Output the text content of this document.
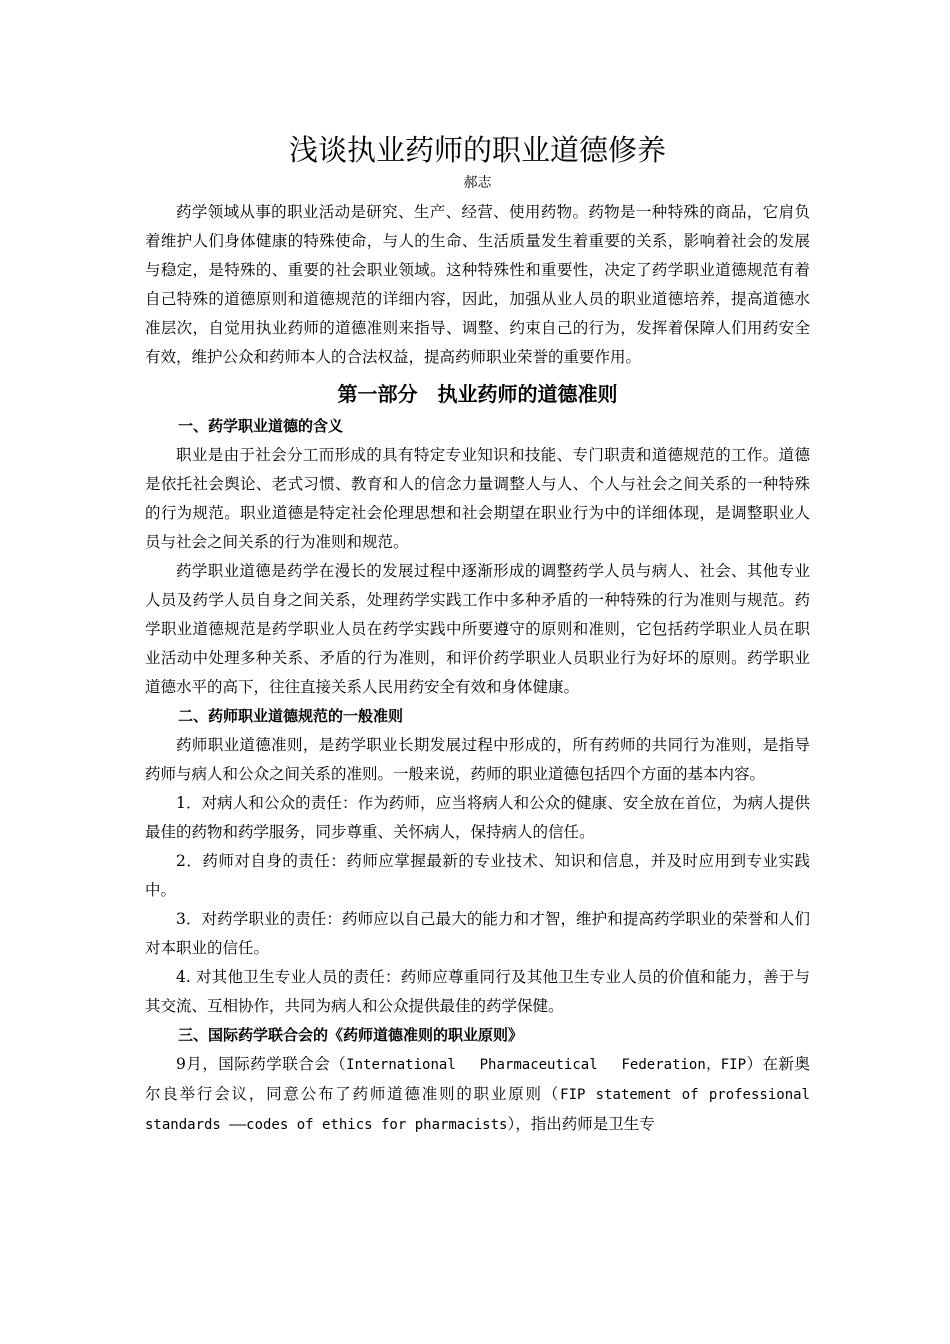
浅谈执业药师的职业道德修养
郝志

药学领域从事的职业活动是研究、生产、经营、使用药物。药物是一种特殊的商品，它肩负着维护人们身体健康的特殊使命，与人的生命、生活质量发生着重要的关系，影响着社会的发展与稳定，是特殊的、重要的社会职业领域。这种特殊性和重要性，决定了药学职业道德规范有着自己特殊的道德原则和道德规范的详细内容，因此，加强从业人员的职业道德培养，提高道德水准层次，自觉用执业药师的道德准则来指导、调整、约束自己的行为，发挥着保障人们用药安全有效，维护公众和药师本人的合法权益，提高药师职业荣誉的重要作用。

第一部分　执业药师的道德准则
一、药学职业道德的含义

职业是由于社会分工而形成的具有特定专业知识和技能、专门职责和道德规范的工作。道德是依托社会舆论、老式习惯、教育和人的信念力量调整人与人、个人与社会之间关系的一种特殊的行为规范。职业道德是特定社会伦理思想和社会期望在职业行为中的详细体现，是调整职业人员与社会之间关系的行为准则和规范。

药学职业道德是药学在漫长的发展过程中逐渐形成的调整药学人员与病人、社会、其他专业人员及药学人员自身之间关系，处理药学实践工作中多种矛盾的一种特殊的行为准则与规范。药学职业道德规范是药学职业人员在药学实践中所要遵守的原则和准则，它包括药学职业人员在职业活动中处理多种关系、矛盾的行为准则，和评价药学职业人员职业行为好坏的原则。药学职业道德水平的高下，往往直接关系人民用药安全有效和身体健康。

二、药师职业道德规范的一般准则

药师职业道德准则，是药学职业长期发展过程中形成的，所有药师的共同行为准则，是指导药师与病人和公众之间关系的准则。一般来说，药师的职业道德包括四个方面的基本内容。

1．对病人和公众的责任：作为药师，应当将病人和公众的健康、安全放在首位，为病人提供最佳的药物和药学服务，同步尊重、关怀病人，保持病人的信任。

2．药师对自身的责任：药师应掌握最新的专业技术、知识和信息，并及时应用到专业实践中。

3．对药学职业的责任：药师应以自己最大的能力和才智，维护和提高药学职业的荣誉和人们对本职业的信任。

4. 对其他卫生专业人员的责任：药师应尊重同行及其他卫生专业人员的价值和能力，善于与其交流、互相协作，共同为病人和公众提供最佳的药学保健。

三、国际药学联合会的《药师道德准则的职业原则》

9月，国际药学联合会（International　 Pharmaceutical　 Federation，FIP）在新奥尔良举行会议，同意公布了药师道德准则的职业原则（FIP statement of professional standards ——codes of ethics for pharmacists），指出药师是卫生专
